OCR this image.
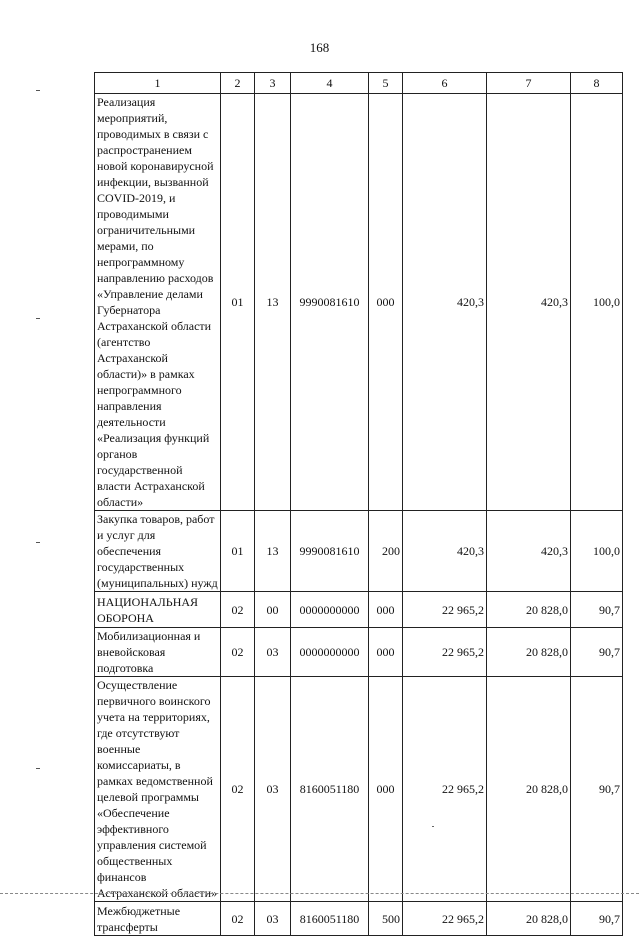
168
1	2	3	4	5	6	7	8

Реализация мероприятий, проводимых в связи с распространением новой коронавирусной инфекции, вызванной COVID-2019, и проводимыми ограничительными мерами, по непрограммному направлению расходов «Управление делами Губернатора Астраханской области (агентство Астраханской области)» в рамках непрограммного направления деятельности «Реализация функций органов государственной власти Астраханской области»	01	13	9990081610	000	420,3	420,3	100,0

Закупка товаров, работ и услуг для обеспечения государственных (муниципальных) нужд	01	13	9990081610	200	420,3	420,3	100,0

НАЦИОНАЛЬНАЯ ОБОРОНА	02	00	0000000000	000	22 965,2	20 828,0	90,7

Мобилизационная и вневойсковая подготовка	02	03	0000000000	000	22 965,2	20 828,0	90,7

Осуществление первичного воинского учета на территориях, где отсутствуют военные комиссариаты, в рамках ведомственной целевой программы «Обеспечение эффективного управления системой общественных финансов Астраханской области»	02	03	8160051180	000	22 965,2	20 828,0	90,7

Межбюджетные трансферты	02	03	8160051180	500	22 965,2	20 828,0	90,7
